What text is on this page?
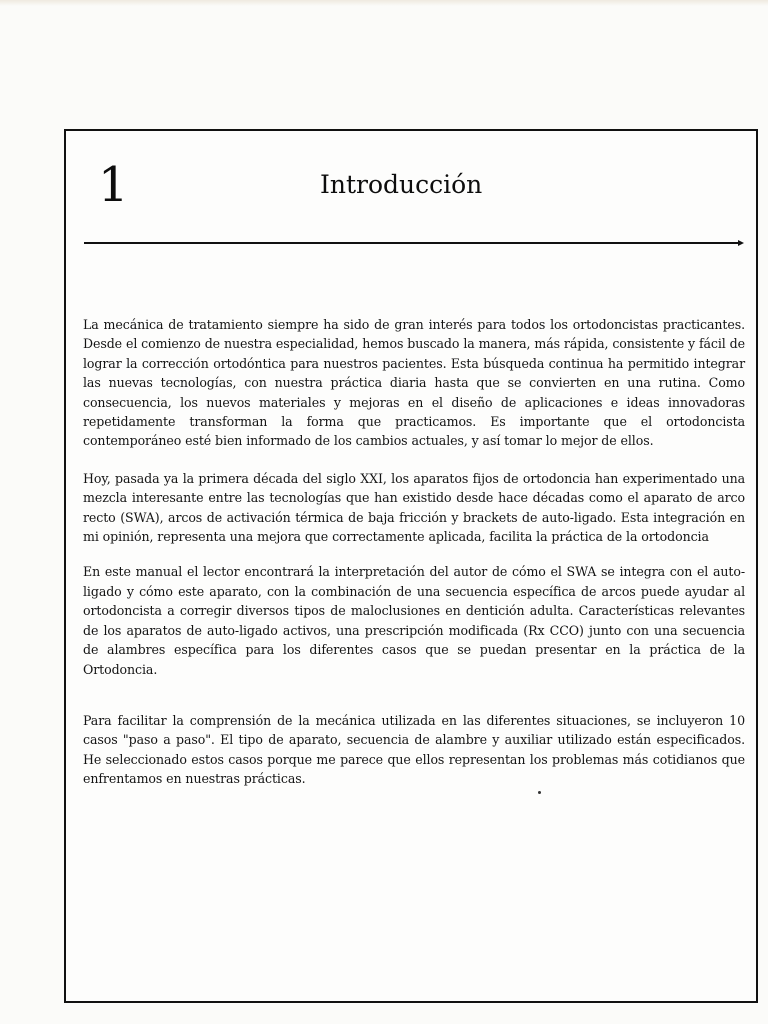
1	Introducción

La mecánica de tratamiento siempre ha sido de gran interés para todos los ortodoncistas practicantes. Desde el comienzo de nuestra especialidad, hemos buscado la manera, más rápida, consistente y fácil de lograr la corrección ortodóntica para nuestros pacientes. Esta búsqueda continua ha permitido integrar las nuevas tecnologías, con nuestra práctica diaria hasta que se convierten en una rutina. Como consecuencia, los nuevos materiales y mejoras en el diseño de aplicaciones e ideas innovadoras repetidamente transforman la forma que practicamos. Es importante que el ortodoncista contemporáneo esté bien informado de los cambios actuales, y así tomar lo mejor de ellos.

Hoy, pasada ya la primera década del siglo XXI, los aparatos fijos de ortodoncia han experimentado una mezcla interesante entre las tecnologías que han existido desde hace décadas como el aparato de arco recto (SWA), arcos de activación térmica de baja fricción y brackets de auto-ligado. Esta integración en mi opinión, representa una mejora que correctamente aplicada, facilita la práctica de la ortodoncia

En este manual el lector encontrará la interpretación del autor de cómo el SWA se integra con el auto-ligado y cómo este aparato, con la combinación de una secuencia específica de arcos puede ayudar al ortodoncista a corregir diversos tipos de maloclusiones en dentición adulta. Características relevantes de los aparatos de auto-ligado activos, una prescripción modificada (Rx CCO) junto con una secuencia de alambres específica para los diferentes casos que se puedan presentar en la práctica de la Ortodoncia.

Para facilitar la comprensión de la mecánica utilizada en las diferentes situaciones, se incluyeron 10 casos "paso a paso". El tipo de aparato, secuencia de alambre y auxiliar utilizado están especificados. He seleccionado estos casos porque me parece que ellos representan los problemas más cotidianos que enfrentamos en nuestras prácticas.
